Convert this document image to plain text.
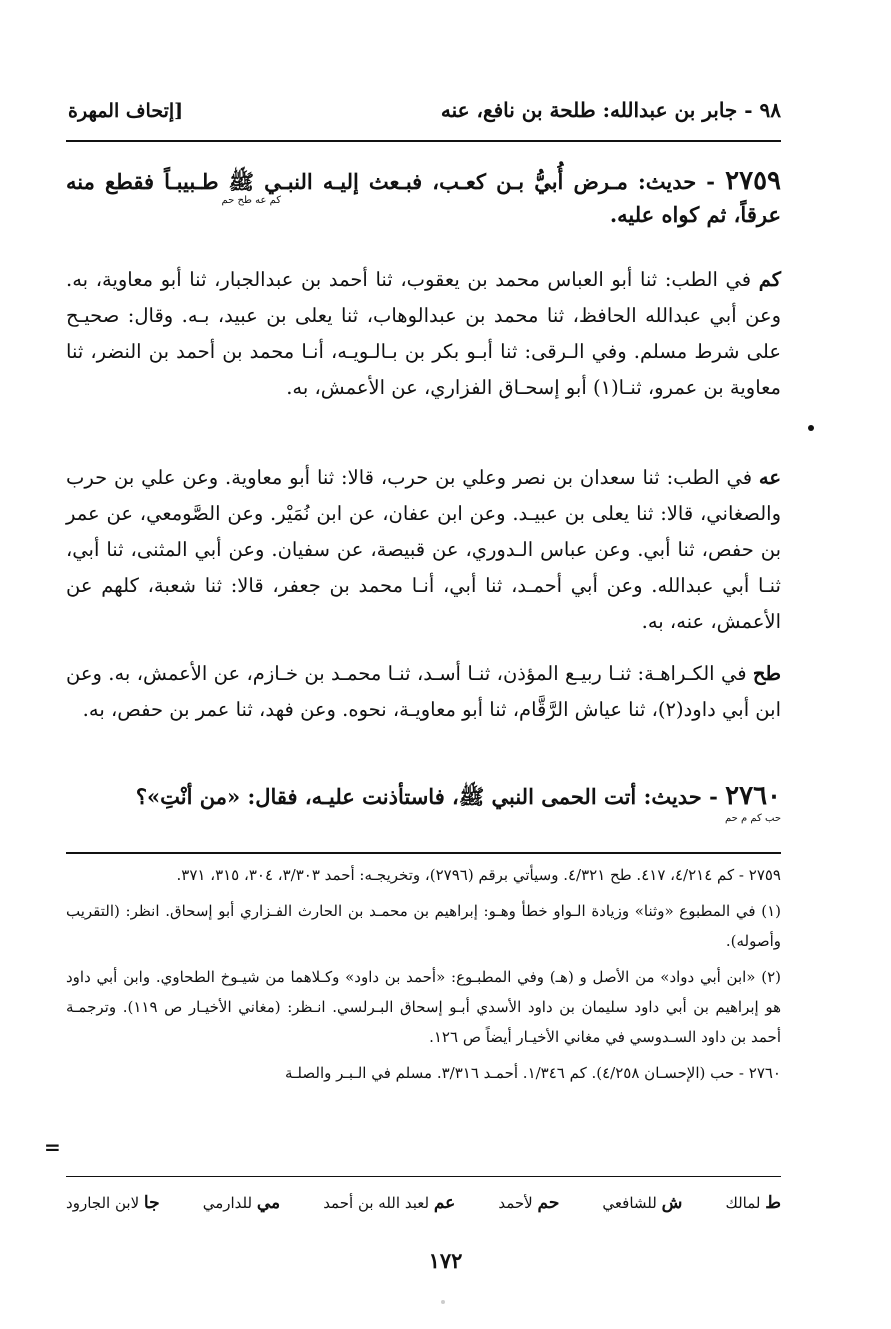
٩٨ - جابر بن عبدالله: طلحة بن نافع، عنه
[إتحاف المهرة
٢٧٥٩ - حديث: مـرض أُبيُّ بـن كعـب، فبـعث إليـه النبـي ﷺ طـبيبـاً فقطع منه عرقاً، ثم كواه عليه.
كم عه طح حم
كم في الطب: ثنا أبو العباس محمد بن يعقوب، ثنا أحمد بن عبدالجبار، ثنا أبو معاوية، به. وعن أبي عبدالله الحافظ، ثنا محمد بن عبدالوهاب، ثنا يعلى بن عبيد، بـه. وقال: صحيـح على شرط مسلم. وفي الـرقى: ثنا أبـو بكر بن بـالـويـه، أنـا محمد بن أحمد بن النضر، ثنا معاوية بن عمرو، ثنـا(١) أبو إسحـاق الفزاري، عن الأعمش، به.
عه في الطب: ثنا سعدان بن نصر وعلي بن حرب، قالا: ثنا أبو معاوية. وعن علي بن حرب والصغاني، قالا: ثنا يعلى بن عبيـد. وعن ابن عفان، عن ابن نُمَيْر. وعن الصَّومعي، عن عمر بن حفص، ثنا أبي. وعن عباس الـدوري، عن قبيصة، عن سفيان. وعن أبي المثنى، ثنا أبي، ثنـا أبي عبدالله. وعن أبي أحمـد، ثنا أبي، أنـا محمد بن جعفر، قالا: ثنا شعبة، كلهم عن الأعمش، عنه، به.
طح في الكـراهـة: ثنـا ربيـع المؤذن، ثنـا أسـد، ثنـا محمـد بن خـازم، عن الأعمش، به. وعن ابن أبي داود(٢)، ثنا عياش الرَّقَّام، ثنا أبو معاويـة، نحوه. وعن فهد، ثنا عمر بن حفص، به.
٢٧٦٠ - حديث: أتت الحمى النبي ﷺ، فاستأذنت عليـه، فقال: «من أنْتِ»؟
حب كم م حم
٢٧٥٩ - كم ٤/٢١٤، ٤١٧. طح ٤/٣٢١. وسيأتي برقم (٢٧٩٦)، وتخريجـه: أحمد ٣/٣٠٣، ٣٠٤، ٣١٥، ٣٧١.
(١) في المطبوع «وثنا» وزيادة الـواو خطأ وهـو: إبراهيم بن محمـد بن الحارث الفـزاري أبو إسحاق. انظر: (التقريب وأصوله).
(٢) «ابن أبي دواد» من الأصل و (هـ) وفي المطبـوع: «أحمد بن داود» وكـلاهما من شيـوخ الطحاوي. وابن أبي داود هو إبراهيم بن أبي داود سليمان بن داود الأسدي أبـو إسحاق البـرلسي. انـظر: (مغاني الأخيـار ص ١١٩). وترجمـة أحمد بن داود السـدوسي في مغاني الأخيـار أيضاً ص ١٢٦.
٢٧٦٠ - حب (الإحسـان ٤/٢٥٨). كم ١/٣٤٦. أحمـد ٣/٣١٦. مسلم في الـبـر والصلـة
=
ط لمالك
ش للشافعي
حم لأحمد
عم لعبد الله بن أحمد
مي للدارمي
جا لابن الجارود
١٧٢
